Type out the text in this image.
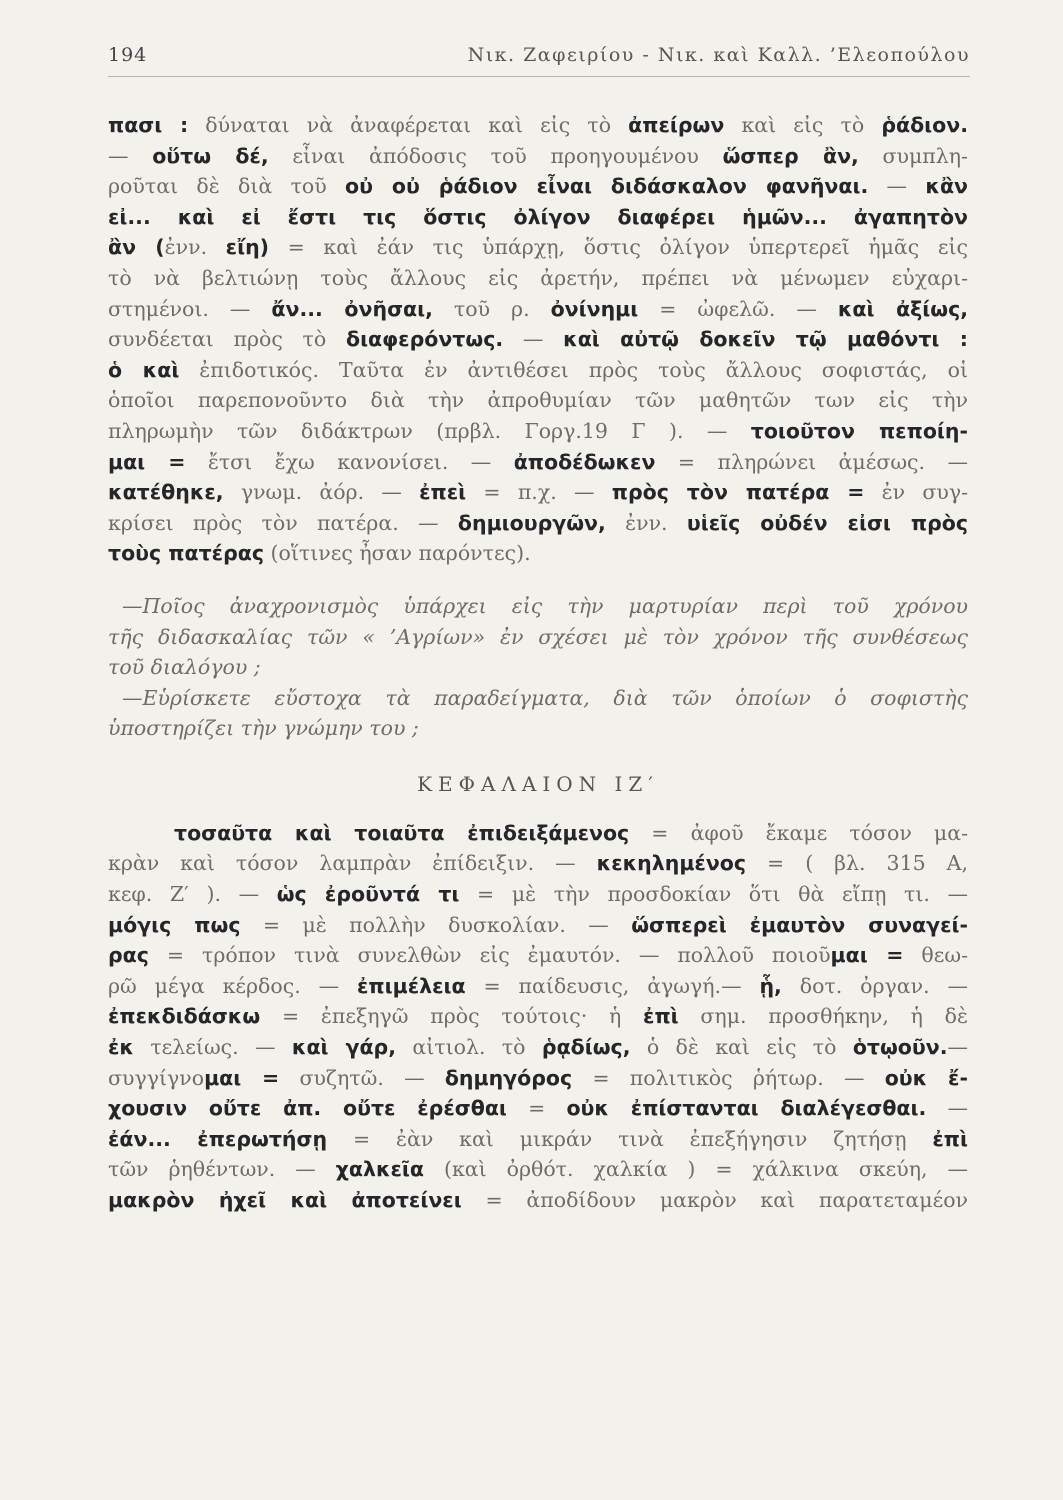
194	Νικ. Ζαφειρίου - Νικ. καὶ Καλλ. ’Ελεοπούλου

πασι : δύναται νὰ ἀναφέρεται καὶ εἰς τὸ ἀπείρων καὶ εἰς τὸ ῥάδιον.

— οὕτω δέ, εἶναι ἀπόδοσις τοῦ προηγουμένου ὥσπερ ἂν, συμπλη-

ροῦται δὲ διὰ τοῦ οὐ οὐ ῥάδιον εἶναι διδάσκαλον φανῆναι. — κἂν

εἰ... καὶ εἰ ἔστι τις ὅστις ὀλίγον διαφέρει ἡμῶν... ἀγαπητὸν

ἂν (ἐνν. εἴη) = καὶ ἐάν τις ὑπάρχῃ, ὅστις ὀλίγον ὑπερτερεῖ ἡμᾶς εἰς

τὸ νὰ βελτιώνῃ τοὺς ἄλλους εἰς ἀρετήν, πρέπει νὰ μένωμεν εὐχαρι-

στημένοι. — ἄν... ὀνῆσαι, τοῦ ρ. ὀνίνημι = ὠφελῶ. — καὶ ἀξίως,

συνδέεται πρὸς τὸ διαφερόντως. — καὶ αὐτῷ δοκεῖν τῷ μαθόντι :

ὁ καὶ ἐπιδοτικός. Ταῦτα ἐν ἀντιθέσει πρὸς τοὺς ἄλλους σοφιστάς, οἱ

ὁποῖοι παρεπονοῦντο διὰ τὴν ἀπροθυμίαν τῶν μαθητῶν των εἰς τὴν

πληρωμὴν τῶν διδάκτρων (πρβλ. Γοργ.19 Γ ). — τοιοῦτον πεποίη-

μαι = ἔτσι ἔχω κανονίσει. — ἀποδέδωκεν = πληρώνει ἀμέσως. —

κατέθηκε, γνωμ. ἀόρ. — ἐπεὶ = π.χ. — πρὸς τὸν πατέρα = ἐν συγ-

κρίσει πρὸς τὸν πατέρα. — δημιουργῶν, ἐνν. υἱεῖς οὐδέν εἰσι πρὸς

τοὺς πατέρας (οἵτινες ἦσαν παρόντες).

—Ποῖος ἀναχρονισμὸς ὑπάρχει εἰς τὴν μαρτυρίαν περὶ τοῦ χρόνου

τῆς διδασκαλίας τῶν « ’Αγρίων» ἐν σχέσει μὲ τὸν χρόνον τῆς συνθέσεως

τοῦ διαλόγου ;

—Εὑρίσκετε εὔστοχα τὰ παραδείγματα, διὰ τῶν ὁποίων ὁ σοφιστὴς

ὑποστηρίζει τὴν γνώμην του ;

ΚΕΦΑΛΑΙΟΝ ΙΖ′

τοσαῦτα καὶ τοιαῦτα ἐπιδειξάμενος = ἀφοῦ ἔκαμε τόσον μα-

κρὰν καὶ τόσον λαμπρὰν ἐπίδειξιν. — κεκηλημένος = ( βλ. 315 Α,

κεφ. Ζ′ ). — ὡς ἐροῦντά τι = μὲ τὴν προσδοκίαν ὅτι θὰ εἴπῃ τι. —

μόγις πως = μὲ πολλὴν δυσκολίαν. — ὥσπερεὶ ἐμαυτὸν συναγεί-

ρας = τρόπον τινὰ συνελθὼν εἰς ἐμαυτόν. — πολλοῦ ποιοῦμαι = θεω-

ρῶ μέγα κέρδος. — ἐπιμέλεια = παίδευσις, ἀγωγή.— ᾗ, δοτ. ὀργαν. —

ἐπεκδιδάσκω = ἐπεξηγῶ πρὸς τούτοις· ἡ ἐπὶ σημ. προσθήκην, ἡ δὲ

ἐκ τελείως. — καὶ γάρ, αἰτιολ. τὸ ῥᾳδίως, ὁ δὲ καὶ εἰς τὸ ὁτῳοῦν.—

συγγίγνομαι = συζητῶ. — δημηγόρος = πολιτικὸς ῥήτωρ. — οὐκ ἔ-

χουσιν οὔτε ἀπ. οὔτε ἐρέσθαι = οὐκ ἐπίστανται διαλέγεσθαι. —

ἐάν... ἐπερωτήσῃ = ἐὰν καὶ μικράν τινὰ ἐπεξήγησιν ζητήσῃ ἐπὶ

τῶν ῥηθέντων. — χαλκεῖα (καὶ ὀρθότ. χαλκία ) = χάλκινα σκεύη, —

μακρὸν ἠχεῖ καὶ ἀποτείνει = ἀποδίδουν μακρὸν καὶ παρατεταμέον
